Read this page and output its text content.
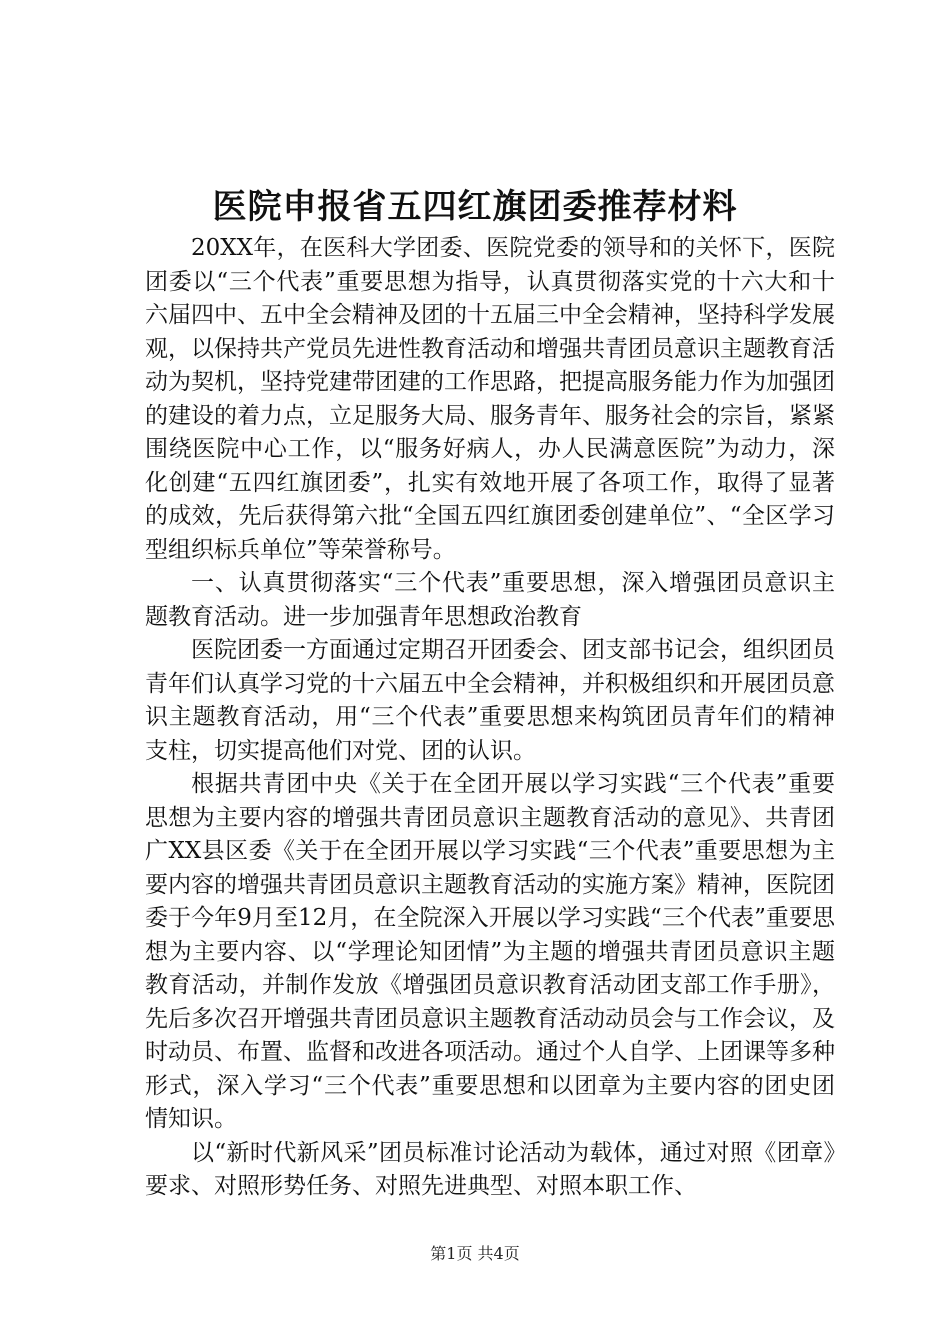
医院申报省五四红旗团委推荐材料

20XX年，在医科大学团委、医院党委的领导和的关怀下，医院团委以“三个代表”重要思想为指导，认真贯彻落实党的十六大和十六届四中、五中全会精神及团的十五届三中全会精神，坚持科学发展观，以保持共产党员先进性教育活动和增强共青团员意识主题教育活动为契机，坚持党建带团建的工作思路，把提高服务能力作为加强团的建设的着力点，立足服务大局、服务青年、服务社会的宗旨，紧紧围绕医院中心工作，以“服务好病人，办人民满意医院”为动力，深化创建“五四红旗团委”，扎实有效地开展了各项工作，取得了显著的成效，先后获得第六批“全国五四红旗团委创建单位”、“全区学习型组织标兵单位”等荣誉称号。

一、认真贯彻落实“三个代表”重要思想，深入增强团员意识主题教育活动。进一步加强青年思想政治教育

医院团委一方面通过定期召开团委会、团支部书记会，组织团员青年们认真学习党的十六届五中全会精神，并积极组织和开展团员意识主题教育活动，用“三个代表”重要思想来构筑团员青年们的精神支柱，切实提高他们对党、团的认识。

根据共青团中央《关于在全团开展以学习实践“三个代表”重要思想为主要内容的增强共青团员意识主题教育活动的意见》、共青团广XX县区委《关于在全团开展以学习实践“三个代表”重要思想为主要内容的增强共青团员意识主题教育活动的实施方案》精神，医院团委于今年9月至12月，在全院深入开展以学习实践“三个代表”重要思想为主要内容、以“学理论知团情”为主题的增强共青团员意识主题教育活动，并制作发放《增强团员意识教育活动团支部工作手册》，先后多次召开增强共青团员意识主题教育活动动员会与工作会议，及时动员、布置、监督和改进各项活动。通过个人自学、上团课等多种形式，深入学习“三个代表”重要思想和以团章为主要内容的团史团情知识。

以“新时代新风采”团员标准讨论活动为载体，通过对照《团章》要求、对照形势任务、对照先进典型、对照本职工作、

第1页 共4页
